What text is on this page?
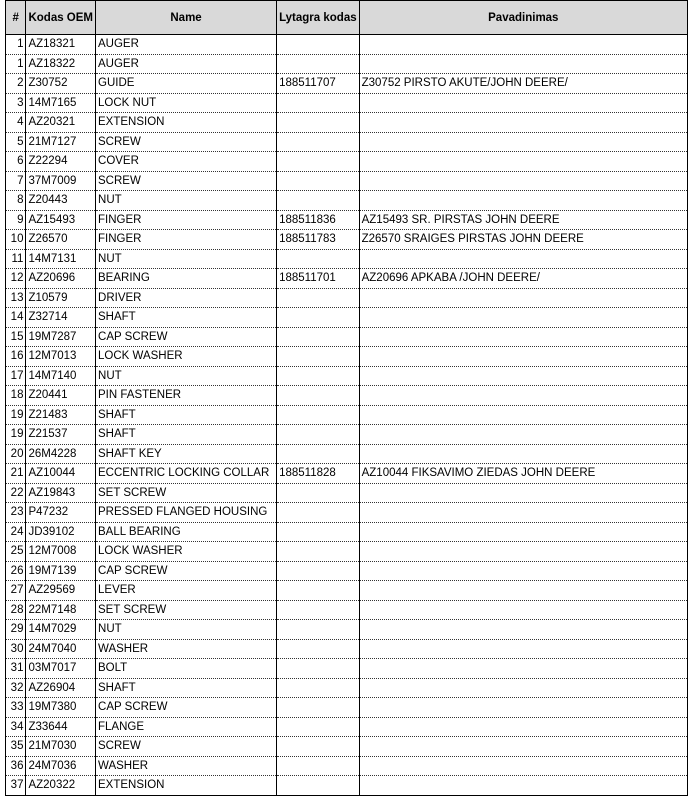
#	Kodas OEM	Name	Lytagra kodas	Pavadinimas
1	AZ18321	AUGER		
1	AZ18322	AUGER		
2	Z30752	GUIDE	188511707	Z30752 PIRSTO AKUTE/JOHN DEERE/
3	14M7165	LOCK NUT		
4	AZ20321	EXTENSION		
5	21M7127	SCREW		
6	Z22294	COVER		
7	37M7009	SCREW		
8	Z20443	NUT		
9	AZ15493	FINGER	188511836	AZ15493 SR. PIRSTAS JOHN DEERE
10	Z26570	FINGER	188511783	Z26570 SRAIGES PIRSTAS JOHN DEERE
11	14M7131	NUT		
12	AZ20696	BEARING	188511701	AZ20696 APKABA /JOHN DEERE/
13	Z10579	DRIVER		
14	Z32714	SHAFT		
15	19M7287	CAP SCREW		
16	12M7013	LOCK WASHER		
17	14M7140	NUT		
18	Z20441	PIN FASTENER		
19	Z21483	SHAFT		
19	Z21537	SHAFT		
20	26M4228	SHAFT KEY		
21	AZ10044	ECCENTRIC LOCKING COLLAR	188511828	AZ10044 FIKSAVIMO ZIEDAS JOHN DEERE
22	AZ19843	SET SCREW		
23	P47232	PRESSED FLANGED HOUSING		
24	JD39102	BALL BEARING		
25	12M7008	LOCK WASHER		
26	19M7139	CAP SCREW		
27	AZ29569	LEVER		
28	22M7148	SET SCREW		
29	14M7029	NUT		
30	24M7040	WASHER		
31	03M7017	BOLT		
32	AZ26904	SHAFT		
33	19M7380	CAP SCREW		
34	Z33644	FLANGE		
35	21M7030	SCREW		
36	24M7036	WASHER		
37	AZ20322	EXTENSION		
